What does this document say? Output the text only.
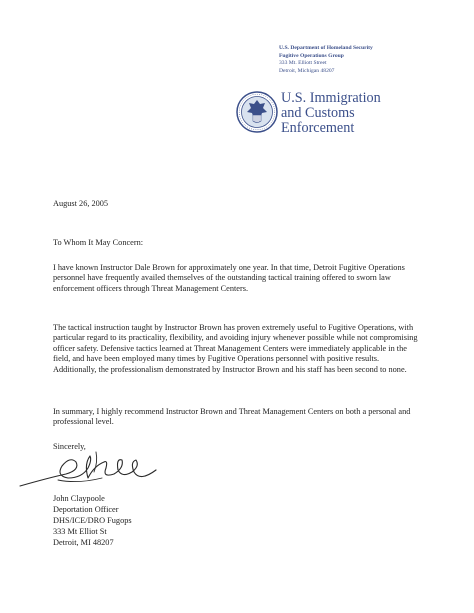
U.S. Department of Homeland Security
Fugitive Operations Group
333 Mt. Elliott Street
Detroit, Michigan 48207
U.S. Immigration
and Customs
Enforcement
August 26, 2005
To Whom It May Concern:
I have known Instructor Dale Brown for approximately one year. In that time, Detroit Fugitive Operations personnel have frequently availed themselves of the outstanding tactical training offered to sworn law enforcement officers through Threat Management Centers.
The tactical instruction taught by Instructor Brown has proven extremely useful to Fugitive Operations, with particular regard to its practicality, flexibility, and avoiding injury whenever possible while not compromising officer safety. Defensive tactics learned at Threat Management Centers were immediately applicable in the field, and have been employed many times by Fugitive Operations personnel with positive results. Additionally, the professionalism demonstrated by Instructor Brown and his staff has been second to none.
In summary, I highly recommend Instructor Brown and Threat Management Centers on both a personal and professional level.
Sincerely,
John Claypoole
Deportation Officer
DHS/ICE/DRO Fugops
333 Mt Elliot St
Detroit, MI 48207
